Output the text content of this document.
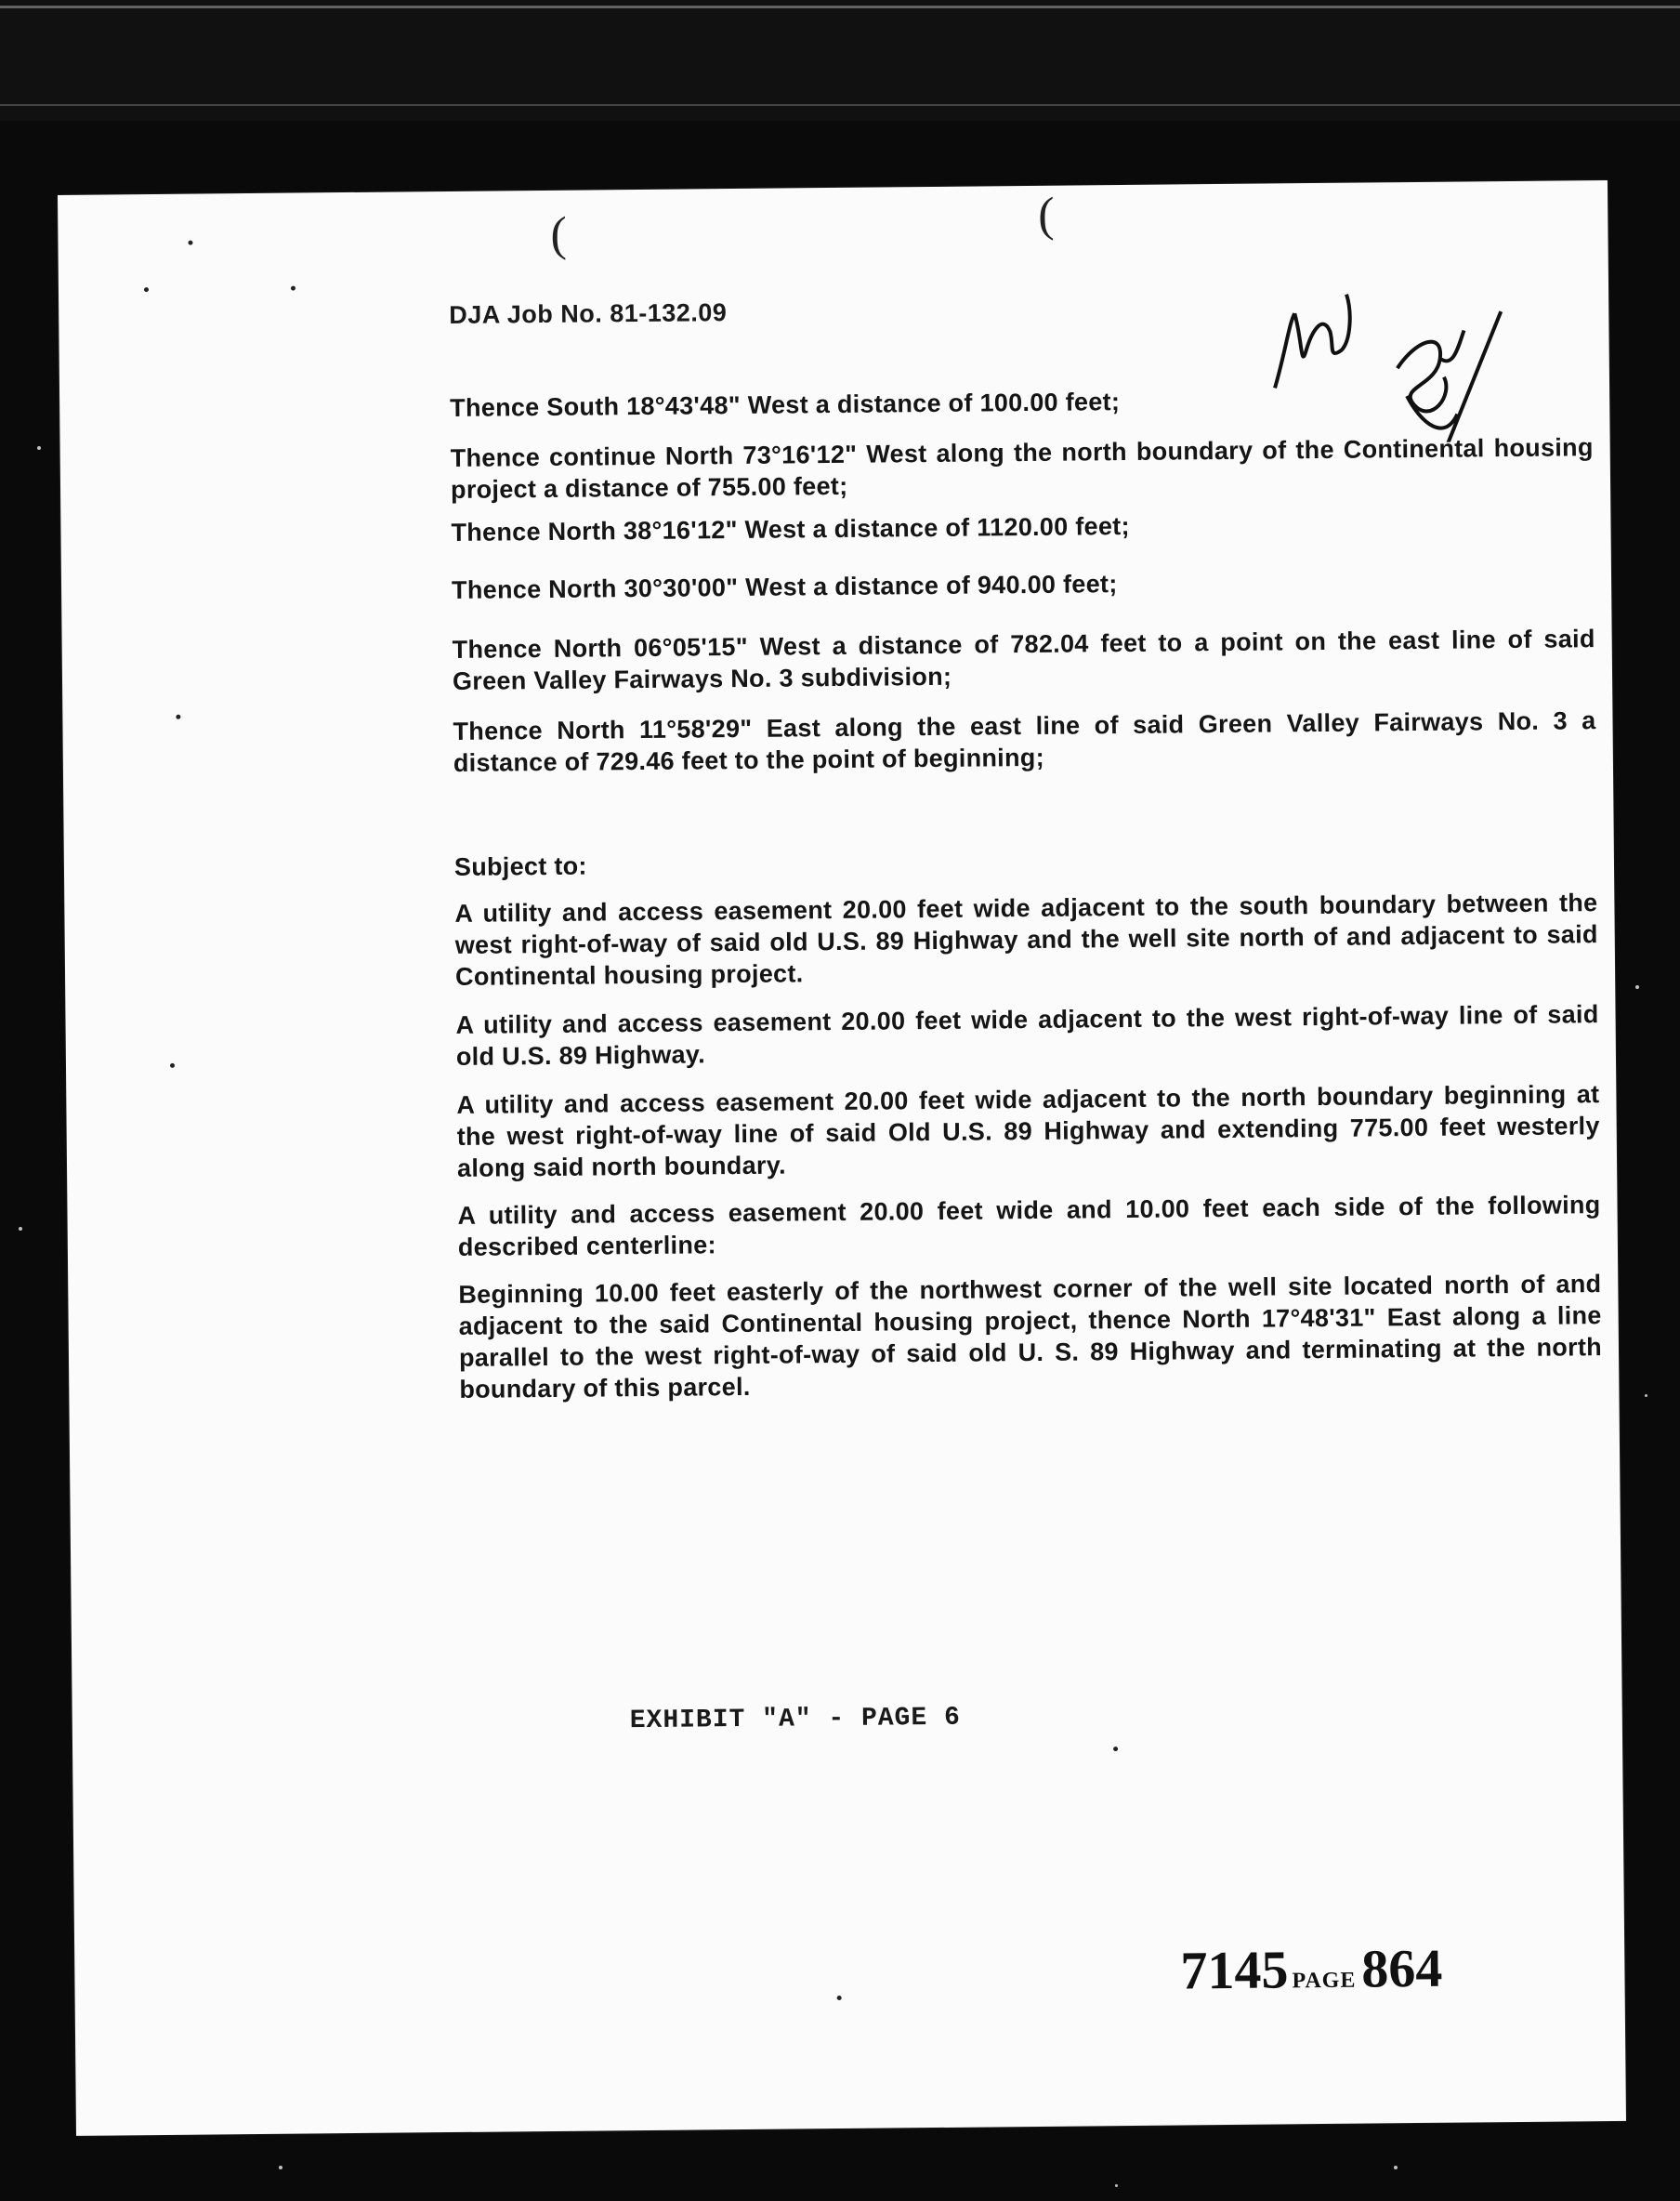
(	(
DJA Job No. 81-132.09
Thence South 18°43'48" West a distance of 100.00 feet;
Thence continue North 73°16'12" West along the north boundary of the Continental housing project a distance of 755.00 feet;
Thence North 38°16'12" West a distance of 1120.00 feet;
Thence North 30°30'00" West a distance of 940.00 feet;
Thence North 06°05'15" West a distance of 782.04 feet to a point on the east line of said Green Valley Fairways No. 3 subdivision;
Thence North 11°58'29" East along the east line of said Green Valley Fairways No. 3 a distance of 729.46 feet to the point of beginning;
Subject to:
A utility and access easement 20.00 feet wide adjacent to the south boundary between the west right-of-way of said old U.S. 89 Highway and the well site north of and adjacent to said Continental housing project.
A utility and access easement 20.00 feet wide adjacent to the west right-of-way line of said old U.S. 89 Highway.
A utility and access easement 20.00 feet wide adjacent to the north boundary beginning at the west right-of-way line of said Old U.S. 89 Highway and extending 775.00 feet westerly along said north boundary.
A utility and access easement 20.00 feet wide and 10.00 feet each side of the following described centerline:
Beginning 10.00 feet easterly of the northwest corner of the well site located north of and adjacent to the said Continental housing project, thence North 17°48'31" East along a line parallel to the west right-of-way of said old U. S. 89 Highway and terminating at the north boundary of this parcel.
EXHIBIT "A" - PAGE 6
7145 PAGE864
